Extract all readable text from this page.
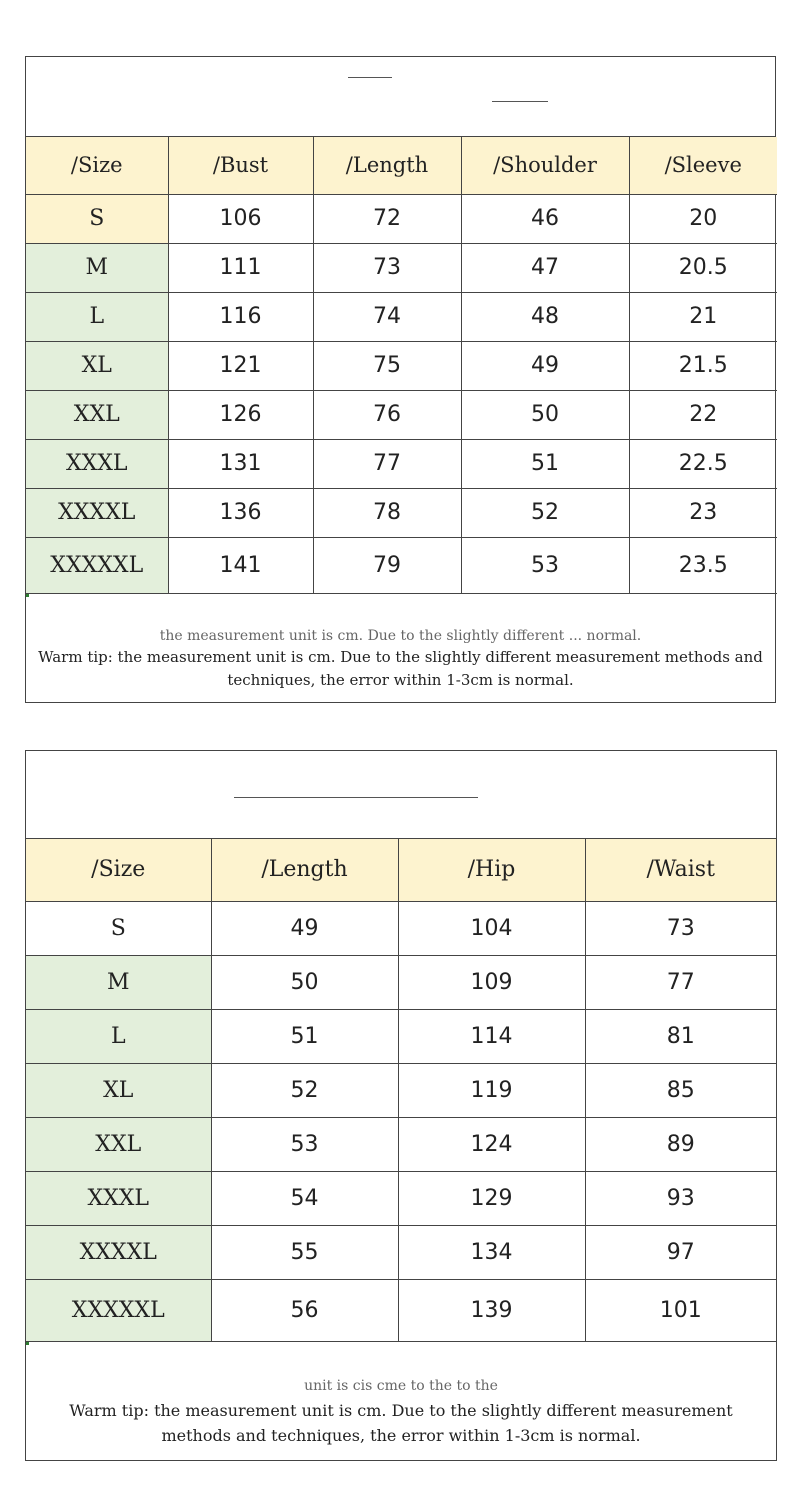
/Size	/Bust	/Length	/Shoulder	/Sleeve
S	106	72	46	20
M	111	73	47	20.5
L	116	74	48	21
XL	121	75	49	21.5
XXL	126	76	50	22
XXXL	131	77	51	22.5
XXXXL	136	78	52	23
XXXXXL	141	79	53	23.5
the measurement unit is cm. Due to the slightly different ... normal.
Warm tip: the measurement unit is cm. Due to the slightly different measurement methods and techniques, the error within 1-3cm is normal.
/Size	/Length	/Hip	/Waist
S	49	104	73
M	50	109	77
L	51	114	81
XL	52	119	85
XXL	53	124	89
XXXL	54	129	93
XXXXL	55	134	97
XXXXXL	56	139	101
unit is cis cme to the to the
Warm tip: the measurement unit is cm. Due to the slightly different measurement methods and techniques, the error within 1-3cm is normal.
